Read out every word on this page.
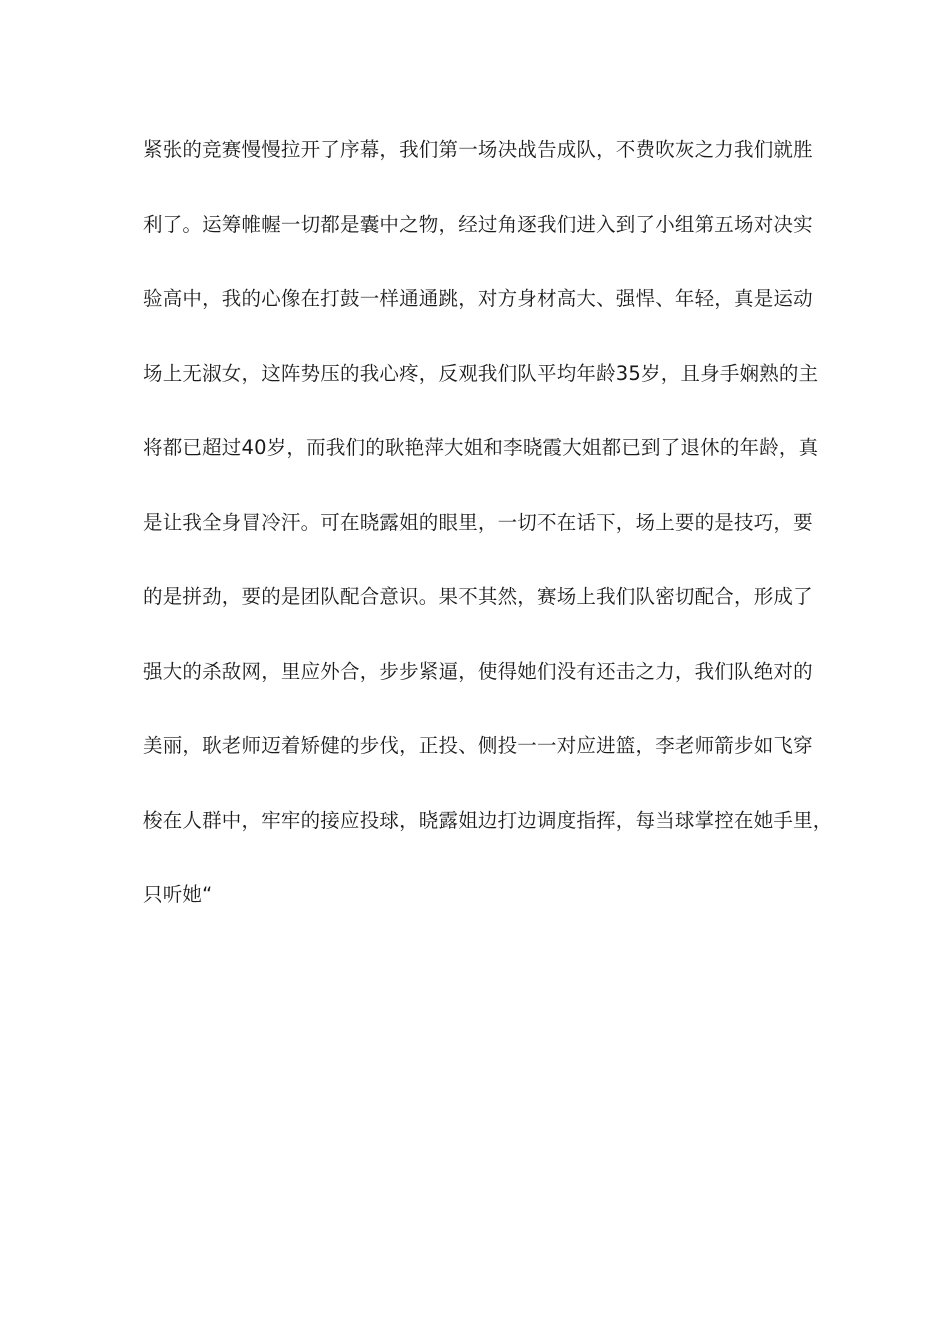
紧张的竞赛慢慢拉开了序幕，我们第一场决战告成队，不费吹灰之力我们就胜
利了。运筹帷幄一切都是囊中之物，经过角逐我们进入到了小组第五场对决实
验高中，我的心像在打鼓一样通通跳，对方身材高大、强悍、年轻，真是运动
场上无淑女，这阵势压的我心疼，反观我们队平均年龄35岁，且身手娴熟的主
将都已超过40岁，而我们的耿艳萍大姐和李晓霞大姐都已到了退休的年龄，真
是让我全身冒冷汗。可在晓露姐的眼里，一切不在话下，场上要的是技巧，要
的是拼劲，要的是团队配合意识。果不其然，赛场上我们队密切配合，形成了
强大的杀敌网，里应外合，步步紧逼，使得她们没有还击之力，我们队绝对的
美丽，耿老师迈着矫健的步伐，正投、侧投一一对应进篮，李老师箭步如飞穿
梭在人群中，牢牢的接应投球，晓露姐边打边调度指挥，每当球掌控在她手里，
只听她“
